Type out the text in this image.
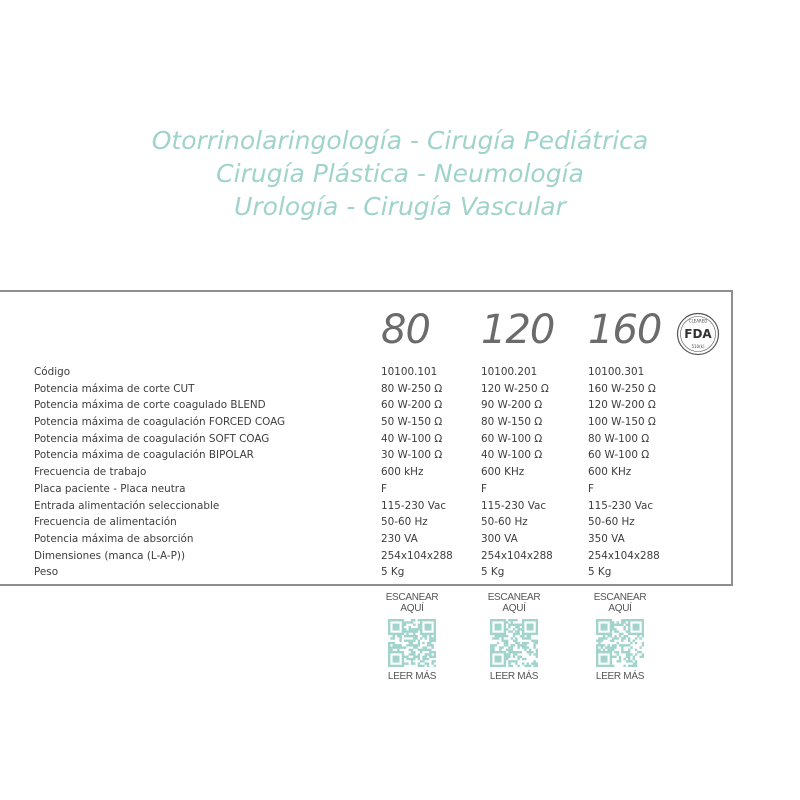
Otorrinolaringología - Cirugía Pediátrica
Cirugía Plástica - Neumología
Urología - Cirugía Vascular
80 120 160	CLEARED
FDA
510(k)
Código	10100.101	10100.201	10100.301
Potencia máxima de corte CUT	80 W-250 Ω	120 W-250 Ω	160 W-250 Ω
Potencia máxima de corte coagulado BLEND	60 W-200 Ω	90 W-200 Ω	120 W-200 Ω
Potencia máxima de coagulación FORCED COAG	50 W-150 Ω	80 W-150 Ω	100 W-150 Ω
Potencia máxima de coagulación SOFT COAG	40 W-100 Ω	60 W-100 Ω	80 W-100 Ω
Potencia máxima de coagulación BIPOLAR	30 W-100 Ω	40 W-100 Ω	60 W-100 Ω
Frecuencia de trabajo	600 kHz	600 KHz	600 KHz
Placa paciente - Placa neutra	F	F	F
Entrada alimentación seleccionable	115-230 Vac	115-230 Vac	115-230 Vac
Frecuencia de alimentación	50-60 Hz	50-60 Hz	50-60 Hz
Potencia máxima de absorción	230 VA	300 VA	350 VA
Dimensiones (manca (L-A-P))	254x104x288	254x104x288	254x104x288
Peso	5 Kg	5 Kg	5 Kg
ESCANEAR
AQUÍ
LEER MÁS
ESCANEAR
AQUÍ
LEER MÁS
ESCANEAR
AQUÍ
LEER MÁS
